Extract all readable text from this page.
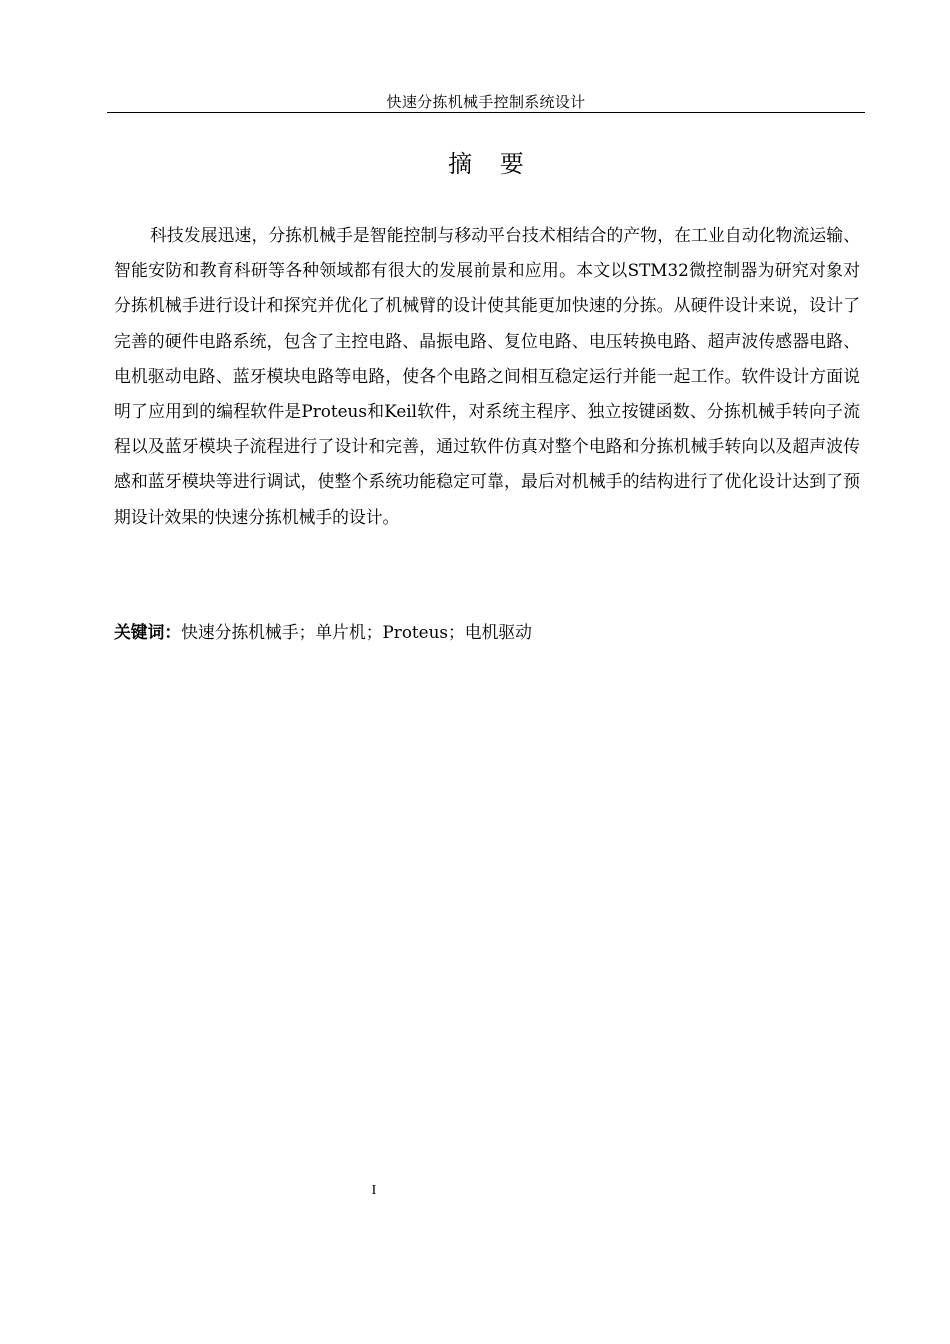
快速分拣机械手控制系统设计
摘 要

科技发展迅速，分拣机械手是智能控制与移动平台技术相结合的产物，在工业自动化物流运输、智能安防和教育科研等各种领域都有很大的发展前景和应用。本文以STM32微控制器为研究对象对分拣机械手进行设计和探究并优化了机械臂的设计使其能更加快速的分拣。从硬件设计来说，设计了完善的硬件电路系统，包含了主控电路、晶振电路、复位电路、电压转换电路、超声波传感器电路、电机驱动电路、蓝牙模块电路等电路，使各个电路之间相互稳定运行并能一起工作。软件设计方面说明了应用到的编程软件是Proteus和Keil软件，对系统主程序、独立按键函数、分拣机械手转向子流程以及蓝牙模块子流程进行了设计和完善，通过软件仿真对整个电路和分拣机械手转向以及超声波传感和蓝牙模块等进行调试，使整个系统功能稳定可靠，最后对机械手的结构进行了优化设计达到了预期设计效果的快速分拣机械手的设计。

关键词：快速分拣机械手；单片机；Proteus；电机驱动
I
